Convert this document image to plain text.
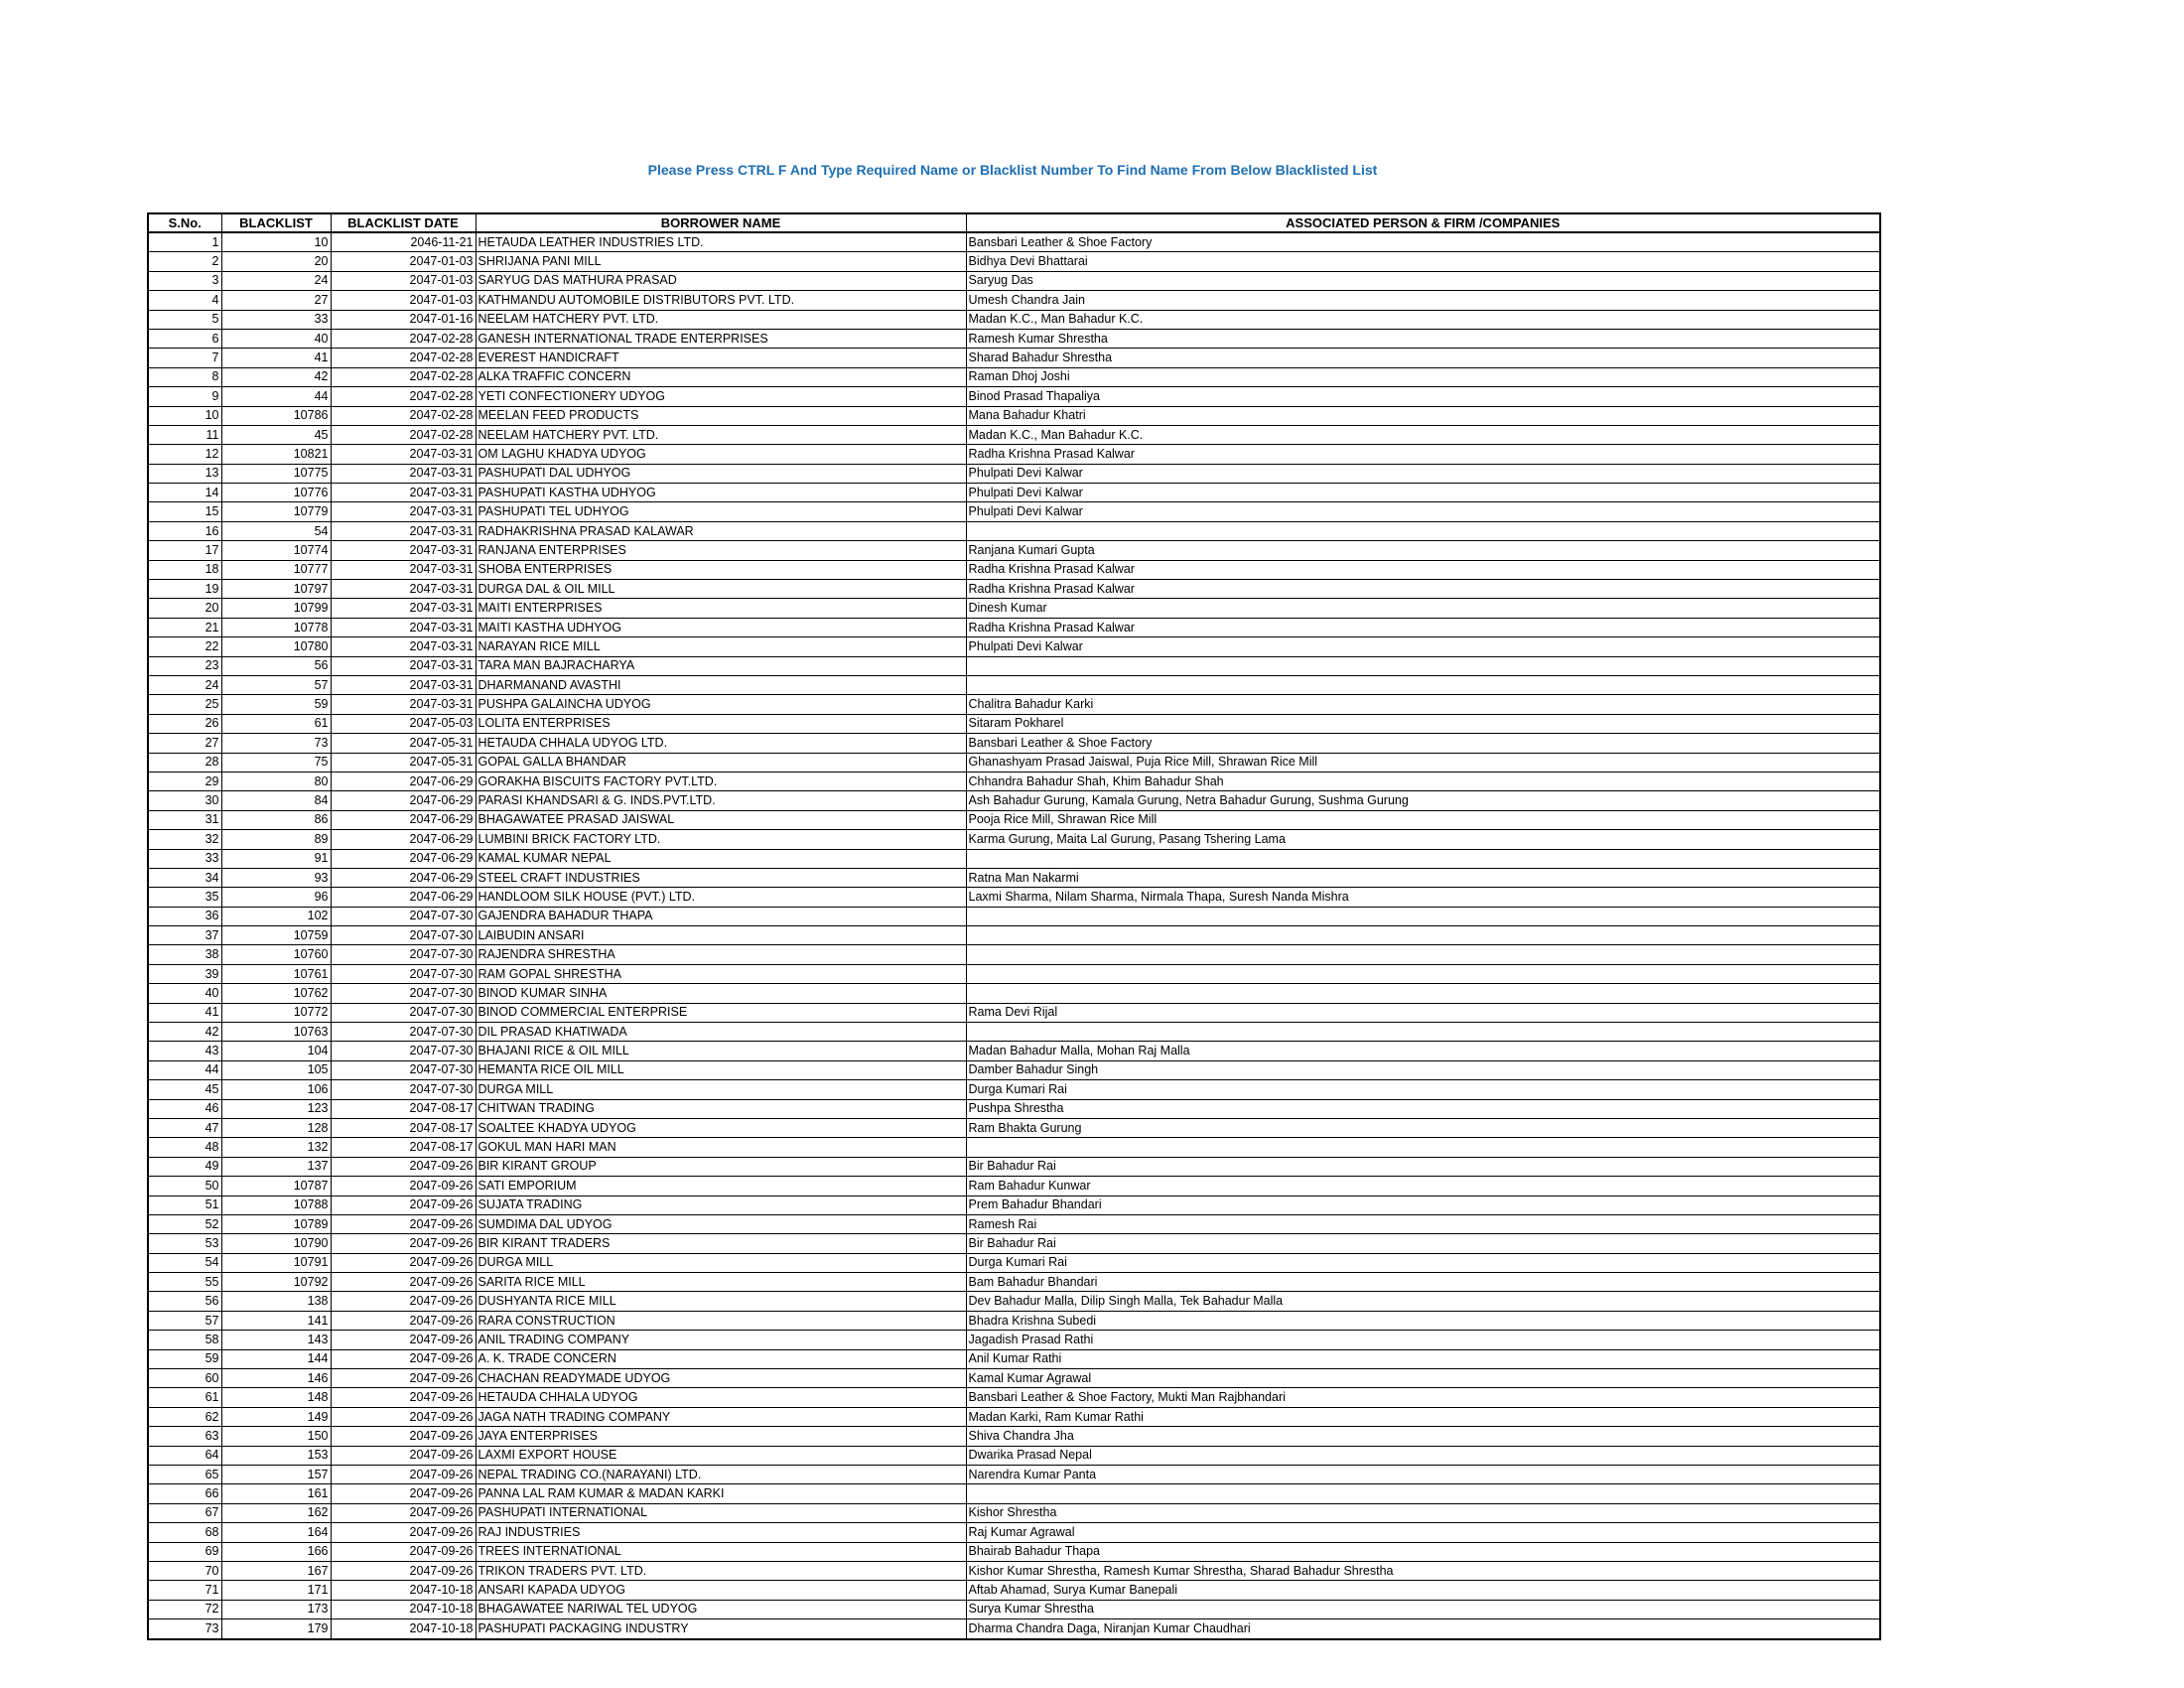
Please Press CTRL F And Type Required Name or Blacklist Number To Find Name From Below Blacklisted List
S.No.	BLACKLIST	BLACKLIST DATE	BORROWER NAME	ASSOCIATED PERSON & FIRM /COMPANIES
1	10	2046-11-21	HETAUDA LEATHER INDUSTRIES LTD.	Bansbari Leather & Shoe Factory
2	20	2047-01-03	SHRIJANA PANI MILL	Bidhya Devi Bhattarai
3	24	2047-01-03	SARYUG DAS MATHURA PRASAD	Saryug Das
4	27	2047-01-03	KATHMANDU AUTOMOBILE DISTRIBUTORS PVT. LTD.	Umesh Chandra Jain
5	33	2047-01-16	NEELAM HATCHERY PVT. LTD.	Madan K.C., Man Bahadur K.C.
6	40	2047-02-28	GANESH INTERNATIONAL TRADE ENTERPRISES	Ramesh Kumar Shrestha
7	41	2047-02-28	EVEREST HANDICRAFT	Sharad Bahadur Shrestha
8	42	2047-02-28	ALKA TRAFFIC CONCERN	Raman Dhoj Joshi
9	44	2047-02-28	YETI CONFECTIONERY UDYOG	Binod Prasad Thapaliya
10	10786	2047-02-28	MEELAN FEED PRODUCTS	Mana Bahadur Khatri
11	45	2047-02-28	NEELAM HATCHERY PVT. LTD.	Madan K.C., Man Bahadur K.C.
12	10821	2047-03-31	OM LAGHU KHADYA UDYOG	Radha Krishna Prasad Kalwar
13	10775	2047-03-31	PASHUPATI DAL UDHYOG	Phulpati Devi Kalwar
14	10776	2047-03-31	PASHUPATI KASTHA UDHYOG	Phulpati Devi Kalwar
15	10779	2047-03-31	PASHUPATI TEL UDHYOG	Phulpati Devi Kalwar
16	54	2047-03-31	RADHAKRISHNA PRASAD KALAWAR	
17	10774	2047-03-31	RANJANA ENTERPRISES	Ranjana Kumari Gupta
18	10777	2047-03-31	SHOBA ENTERPRISES	Radha Krishna Prasad Kalwar
19	10797	2047-03-31	DURGA DAL & OIL MILL	Radha Krishna Prasad Kalwar
20	10799	2047-03-31	MAITI ENTERPRISES	Dinesh Kumar
21	10778	2047-03-31	MAITI KASTHA UDHYOG	Radha Krishna Prasad Kalwar
22	10780	2047-03-31	NARAYAN RICE MILL	Phulpati Devi Kalwar
23	56	2047-03-31	TARA MAN BAJRACHARYA	
24	57	2047-03-31	DHARMANAND AVASTHI	
25	59	2047-03-31	PUSHPA GALAINCHA UDYOG	Chalitra Bahadur Karki
26	61	2047-05-03	LOLITA ENTERPRISES	Sitaram Pokharel
27	73	2047-05-31	HETAUDA CHHALA UDYOG LTD.	Bansbari Leather & Shoe Factory
28	75	2047-05-31	GOPAL GALLA BHANDAR	Ghanashyam Prasad Jaiswal, Puja Rice Mill, Shrawan Rice Mill
29	80	2047-06-29	GORAKHA BISCUITS FACTORY PVT.LTD.	Chhandra Bahadur Shah, Khim Bahadur Shah
30	84	2047-06-29	PARASI KHANDSARI & G. INDS.PVT.LTD.	Ash Bahadur Gurung, Kamala Gurung, Netra Bahadur Gurung, Sushma Gurung
31	86	2047-06-29	BHAGAWATEE PRASAD JAISWAL	Pooja Rice Mill, Shrawan Rice Mill
32	89	2047-06-29	LUMBINI BRICK FACTORY LTD.	Karma Gurung, Maita Lal Gurung, Pasang Tshering Lama
33	91	2047-06-29	KAMAL KUMAR NEPAL	
34	93	2047-06-29	STEEL CRAFT INDUSTRIES	Ratna Man Nakarmi
35	96	2047-06-29	HANDLOOM SILK HOUSE (PVT.) LTD.	Laxmi Sharma, Nilam Sharma, Nirmala Thapa, Suresh Nanda Mishra
36	102	2047-07-30	GAJENDRA BAHADUR THAPA	
37	10759	2047-07-30	LAIBUDIN ANSARI	
38	10760	2047-07-30	RAJENDRA SHRESTHA	
39	10761	2047-07-30	RAM GOPAL SHRESTHA	
40	10762	2047-07-30	BINOD KUMAR SINHA	
41	10772	2047-07-30	BINOD COMMERCIAL ENTERPRISE	Rama Devi Rijal
42	10763	2047-07-30	DIL PRASAD KHATIWADA	
43	104	2047-07-30	BHAJANI RICE & OIL MILL	Madan Bahadur Malla, Mohan Raj Malla
44	105	2047-07-30	HEMANTA RICE OIL MILL	Damber Bahadur Singh
45	106	2047-07-30	DURGA MILL	Durga Kumari Rai
46	123	2047-08-17	CHITWAN TRADING	Pushpa Shrestha
47	128	2047-08-17	SOALTEE KHADYA UDYOG	Ram Bhakta Gurung
48	132	2047-08-17	GOKUL MAN HARI MAN	
49	137	2047-09-26	BIR KIRANT GROUP	Bir Bahadur Rai
50	10787	2047-09-26	SATI EMPORIUM	Ram Bahadur Kunwar
51	10788	2047-09-26	SUJATA TRADING	Prem Bahadur Bhandari
52	10789	2047-09-26	SUMDIMA DAL UDYOG	Ramesh Rai
53	10790	2047-09-26	BIR KIRANT TRADERS	Bir Bahadur Rai
54	10791	2047-09-26	DURGA MILL	Durga Kumari Rai
55	10792	2047-09-26	SARITA RICE MILL	Bam Bahadur Bhandari
56	138	2047-09-26	DUSHYANTA RICE MILL	Dev Bahadur Malla, Dilip Singh Malla, Tek Bahadur Malla
57	141	2047-09-26	RARA CONSTRUCTION	Bhadra Krishna Subedi
58	143	2047-09-26	ANIL TRADING COMPANY	Jagadish Prasad Rathi
59	144	2047-09-26	A. K. TRADE CONCERN	Anil Kumar Rathi
60	146	2047-09-26	CHACHAN READYMADE UDYOG	Kamal Kumar Agrawal
61	148	2047-09-26	HETAUDA CHHALA UDYOG	Bansbari Leather & Shoe Factory, Mukti Man Rajbhandari
62	149	2047-09-26	JAGA NATH TRADING COMPANY	Madan Karki, Ram Kumar Rathi
63	150	2047-09-26	JAYA ENTERPRISES	Shiva Chandra Jha
64	153	2047-09-26	LAXMI EXPORT HOUSE	Dwarika Prasad Nepal
65	157	2047-09-26	NEPAL TRADING CO.(NARAYANI) LTD.	Narendra Kumar Panta
66	161	2047-09-26	PANNA LAL RAM KUMAR & MADAN KARKI	
67	162	2047-09-26	PASHUPATI INTERNATIONAL	Kishor Shrestha
68	164	2047-09-26	RAJ INDUSTRIES	Raj Kumar Agrawal
69	166	2047-09-26	TREES INTERNATIONAL	Bhairab Bahadur Thapa
70	167	2047-09-26	TRIKON TRADERS PVT. LTD.	Kishor Kumar Shrestha, Ramesh Kumar Shrestha, Sharad Bahadur Shrestha
71	171	2047-10-18	ANSARI KAPADA UDYOG	Aftab Ahamad, Surya Kumar Banepali
72	173	2047-10-18	BHAGAWATEE NARIWAL TEL UDYOG	Surya Kumar Shrestha
73	179	2047-10-18	PASHUPATI PACKAGING INDUSTRY	Dharma Chandra Daga, Niranjan Kumar Chaudhari
